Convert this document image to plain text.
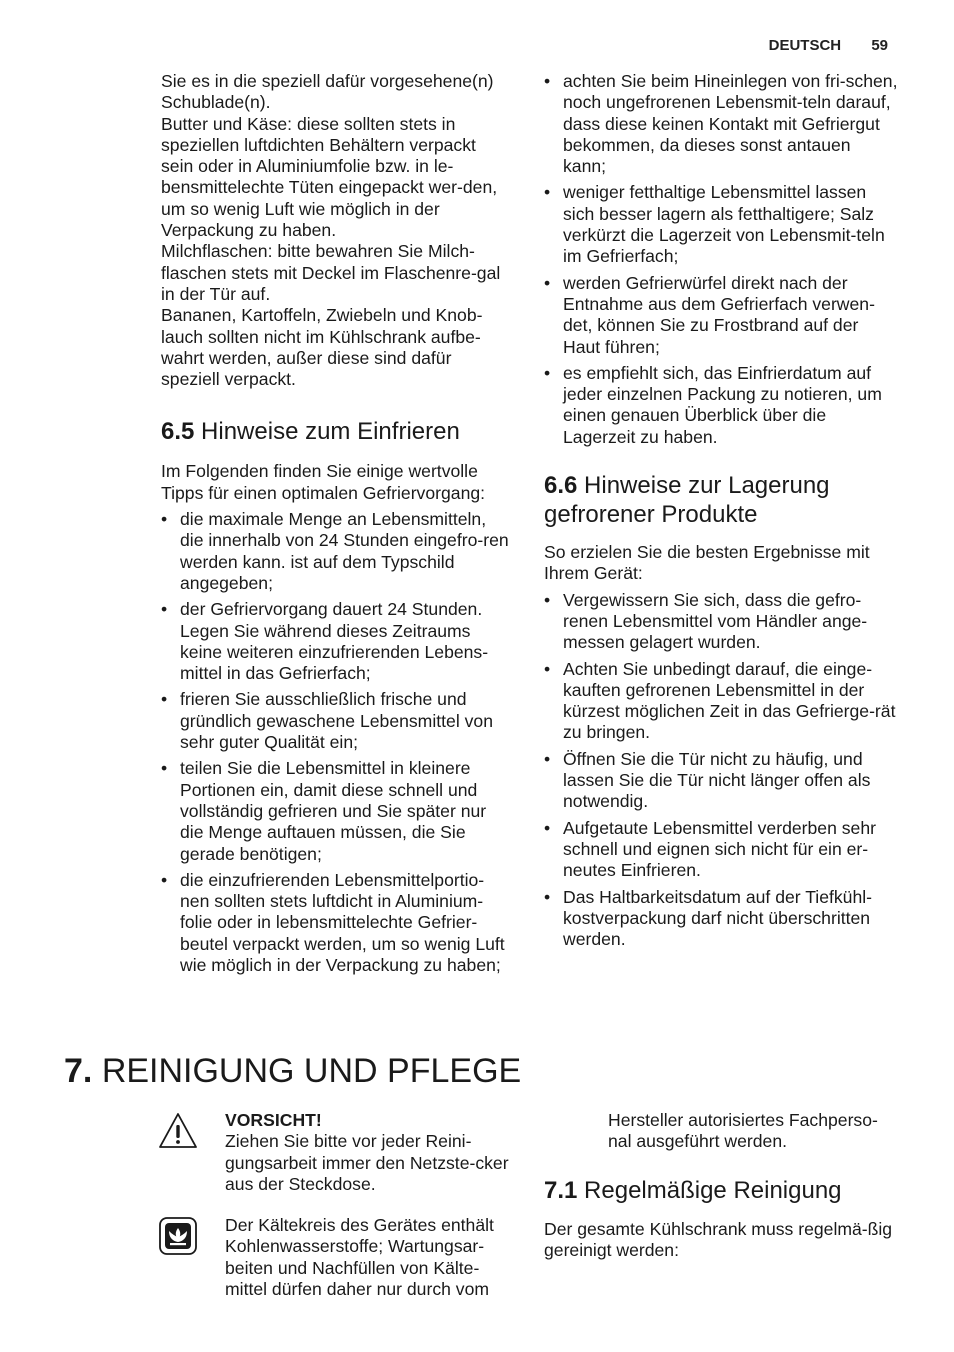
DEUTSCH 59

Sie es in die speziell dafür vorgesehene(n) Schublade(n).

Butter und Käse: diese sollten stets in speziellen luftdichten Behältern verpackt sein oder in Aluminiumfolie bzw. in le-bensmittelechte Tüten eingepackt wer-den, um so wenig Luft wie möglich in der Verpackung zu haben.

Milchflaschen: bitte bewahren Sie Milch-flaschen stets mit Deckel im Flaschenre-gal in der Tür auf.

Bananen, Kartoffeln, Zwiebeln und Knob-lauch sollten nicht im Kühlschrank aufbe-wahrt werden, außer diese sind dafür speziell verpackt.

6.5 Hinweise zum Einfrieren

Im Folgenden finden Sie einige wertvolle Tipps für einen optimalen Gefriervorgang:

• die maximale Menge an Lebensmitteln, die innerhalb von 24 Stunden eingefro-ren werden kann. ist auf dem Typschild angegeben;
• der Gefriervorgang dauert 24 Stunden. Legen Sie während dieses Zeitraums keine weiteren einzufrierenden Lebens-mittel in das Gefrierfach;
• frieren Sie ausschließlich frische und gründlich gewaschene Lebensmittel von sehr guter Qualität ein;
• teilen Sie die Lebensmittel in kleinere Portionen ein, damit diese schnell und vollständig gefrieren und Sie später nur die Menge auftauen müssen, die Sie gerade benötigen;
• die einzufrierenden Lebensmittelportio-nen sollten stets luftdicht in Aluminium-folie oder in lebensmittelechte Gefrier-beutel verpackt werden, um so wenig Luft wie möglich in der Verpackung zu haben;
• achten Sie beim Hineinlegen von fri-schen, noch ungefrorenen Lebensmit-teln darauf, dass diese keinen Kontakt mit Gefriergut bekommen, da dieses sonst antauen kann;
• weniger fetthaltige Lebensmittel lassen sich besser lagern als fetthaltigere; Salz verkürzt die Lagerzeit von Lebensmit-teln im Gefrierfach;
• werden Gefrierwürfel direkt nach der Entnahme aus dem Gefrierfach verwen-det, können Sie zu Frostbrand auf der Haut führen;
• es empfiehlt sich, das Einfrierdatum auf jeder einzelnen Packung zu notieren, um einen genauen Überblick über die Lagerzeit zu haben.
6.6 Hinweise zur Lagerung gefrorener Produkte

So erzielen Sie die besten Ergebnisse mit Ihrem Gerät:

• Vergewissern Sie sich, dass die gefro-renen Lebensmittel vom Händler ange-messen gelagert wurden.
• Achten Sie unbedingt darauf, die einge-kauften gefrorenen Lebensmittel in der kürzest möglichen Zeit in das Gefrierge-rät zu bringen.
• Öffnen Sie die Tür nicht zu häufig, und lassen Sie die Tür nicht länger offen als notwendig.
• Aufgetaute Lebensmittel verderben sehr schnell und eignen sich nicht für ein er-neutes Einfrieren.
• Das Haltbarkeitsdatum auf der Tiefkühl-kostverpackung darf nicht überschritten werden.
7. REINIGUNG UND PFLEGE

VORSICHT!

Ziehen Sie bitte vor jeder Reini-gungsarbeit immer den Netzste-cker aus der Steckdose.

Der Kältekreis des Gerätes enthält Kohlenwasserstoffe; Wartungsar-beiten und Nachfüllen von Kälte-mittel dürfen daher nur durch vom

Hersteller autorisiertes Fachperso-nal ausgeführt werden.

7.1 Regelmäßige Reinigung

Der gesamte Kühlschrank muss regelmä-ßig gereinigt werden:
